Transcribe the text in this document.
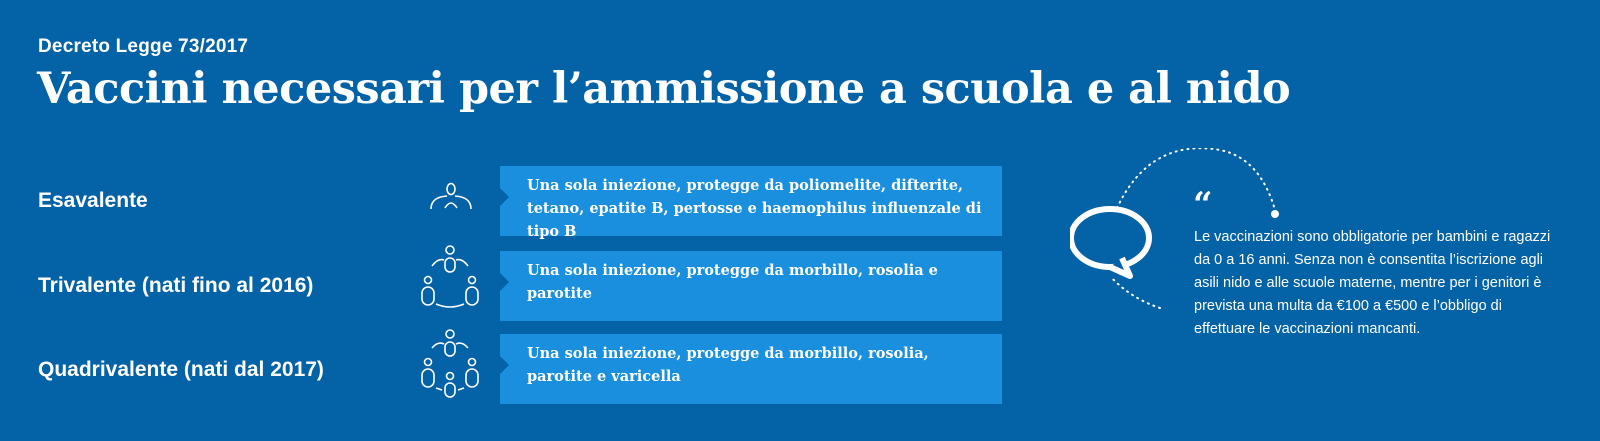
Decreto Legge 73/2017
Vaccini necessari per l’ammissione a scuola e al nido
Esavalente
Una sola iniezione, protegge da poliomelite, difterite, tetano, epatite B, pertosse e haemophilus influenzale di tipo B
Trivalente (nati fino al 2016)
Una sola iniezione, protegge da morbillo, rosolia e parotite
Quadrivalente (nati dal 2017)
Una sola iniezione, protegge da morbillo, rosolia, parotite e varicella
“
Le vaccinazioni sono obbligatorie per bambini e ragazzi da 0 a 16 anni. Senza non è consentita l’iscrizione agli asili nido e alle scuole materne, mentre per i genitori è prevista una multa da €100 a €500 e l’obbligo di effettuare le vaccinazioni mancanti.
